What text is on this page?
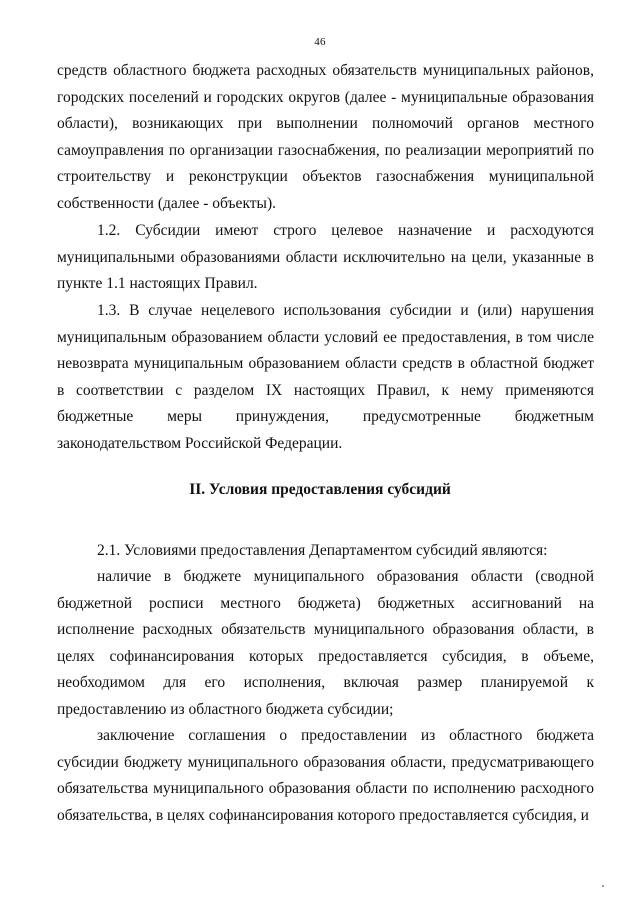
46

средств областного бюджета расходных обязательств муниципальных районов, городских поселений и городских округов (далее - муниципальные образования области), возникающих при выполнении полномочий органов местного самоуправления по организации газоснабжения, по реализации мероприятий по строительству и реконструкции объектов газоснабжения муниципальной собственности (далее - объекты).

1.2. Субсидии имеют строго целевое назначение и расходуются муниципальными образованиями области исключительно на цели, указанные в пункте 1.1 настоящих Правил.

1.3. В случае нецелевого использования субсидии и (или) нарушения муниципальным образованием области условий ее предоставления, в том числе невозврата муниципальным образованием области средств в областной бюджет в соответствии с разделом IX настоящих Правил, к нему применяются бюджетные меры принуждения, предусмотренные бюджетным законодательством Российской Федерации.

II. Условия предоставления субсидий

2.1. Условиями предоставления Департаментом субсидий являются:

наличие в бюджете муниципального образования области (сводной бюджетной росписи местного бюджета) бюджетных ассигнований на исполнение расходных обязательств муниципального образования области, в целях софинансирования которых предоставляется субсидия, в объеме, необходимом для его исполнения, включая размер планируемой к предоставлению из областного бюджета субсидии;

заключение соглашения о предоставлении из областного бюджета субсидии бюджету муниципального образования области, предусматривающего обязательства муниципального образования области по исполнению расходного обязательства, в целях софинансирования которого предоставляется субсидия, и
